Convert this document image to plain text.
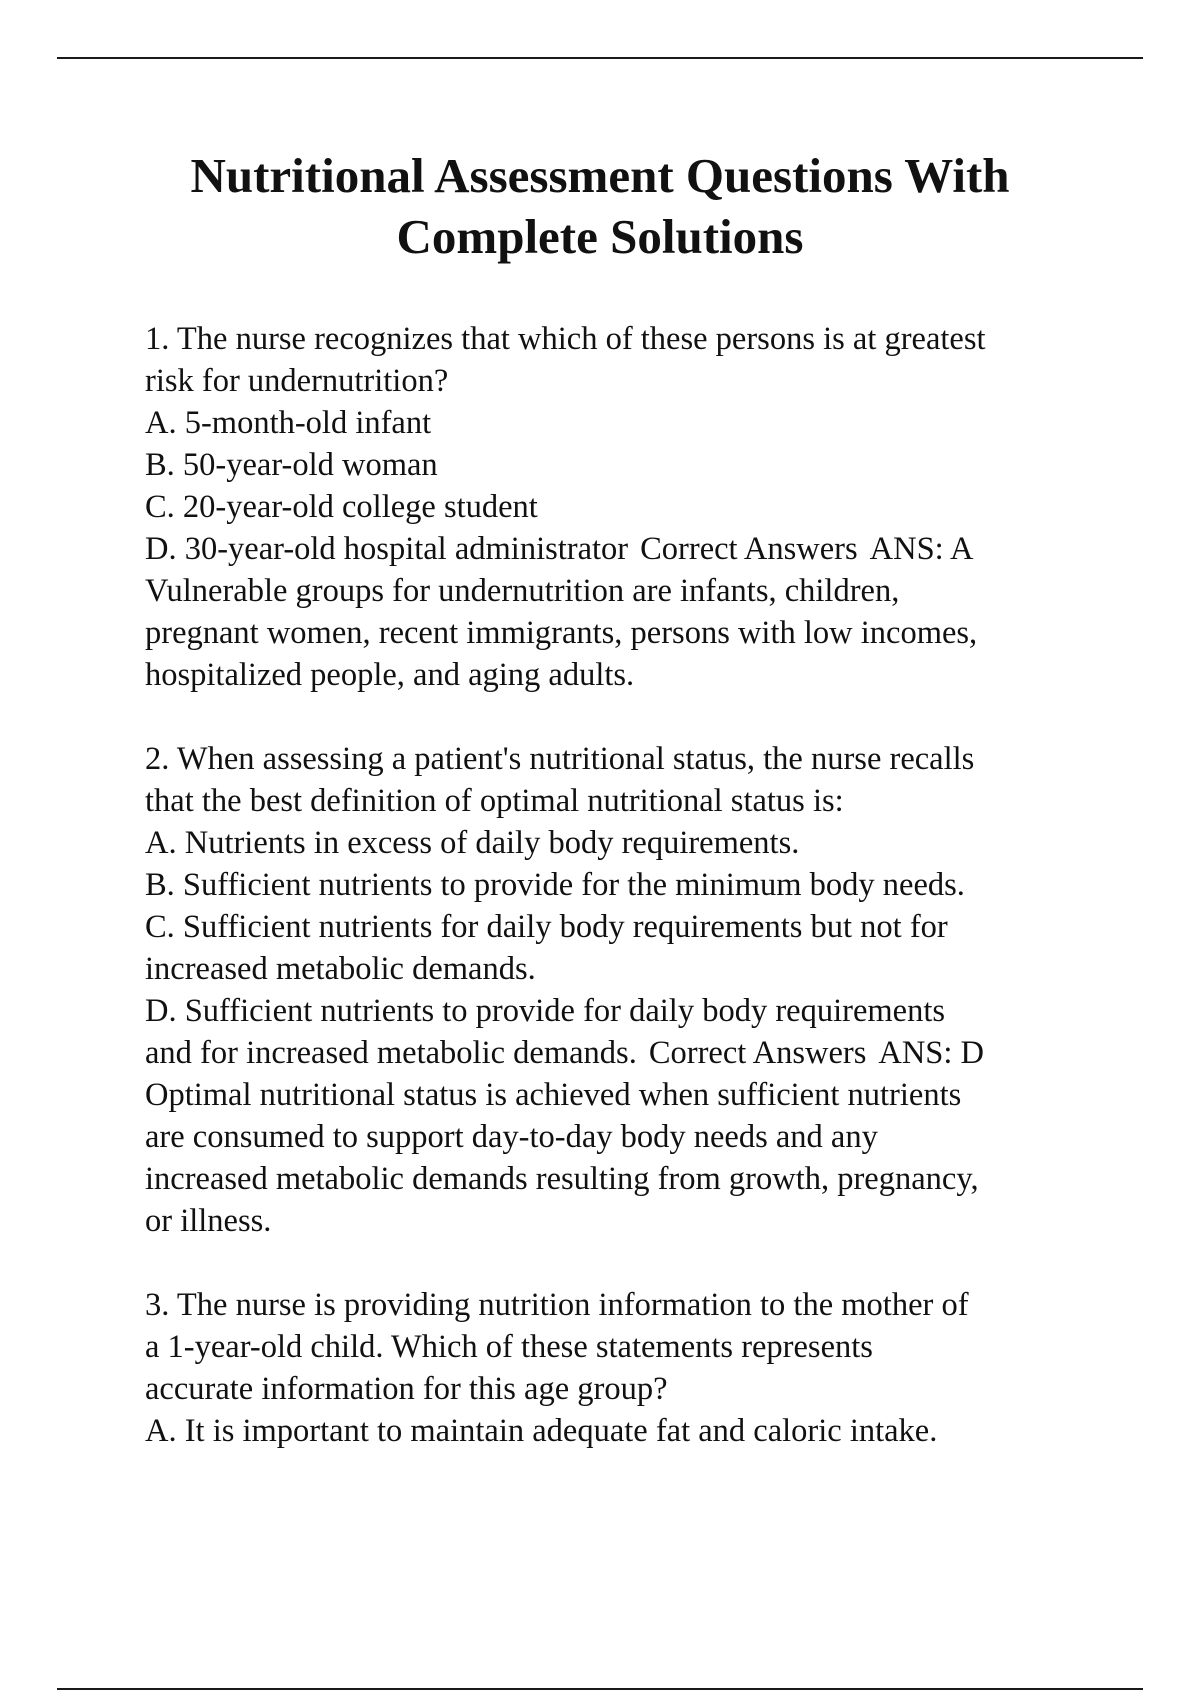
Nutritional Assessment Questions With
Complete Solutions
1. The nurse recognizes that which of these persons is at greatest
risk for undernutrition?
A. 5-month-old infant
B. 50-year-old woman
C. 20-year-old college student
D. 30-year-old hospital administrator Correct Answers ANS: A
Vulnerable groups for undernutrition are infants, children,
pregnant women, recent immigrants, persons with low incomes,
hospitalized people, and aging adults.
2. When assessing a patient's nutritional status, the nurse recalls
that the best definition of optimal nutritional status is:
A. Nutrients in excess of daily body requirements.
B. Sufficient nutrients to provide for the minimum body needs.
C. Sufficient nutrients for daily body requirements but not for
increased metabolic demands.
D. Sufficient nutrients to provide for daily body requirements
and for increased metabolic demands. Correct Answers ANS: D
Optimal nutritional status is achieved when sufficient nutrients
are consumed to support day-to-day body needs and any
increased metabolic demands resulting from growth, pregnancy,
or illness.
3. The nurse is providing nutrition information to the mother of
a 1-year-old child. Which of these statements represents
accurate information for this age group?
A. It is important to maintain adequate fat and caloric intake.
